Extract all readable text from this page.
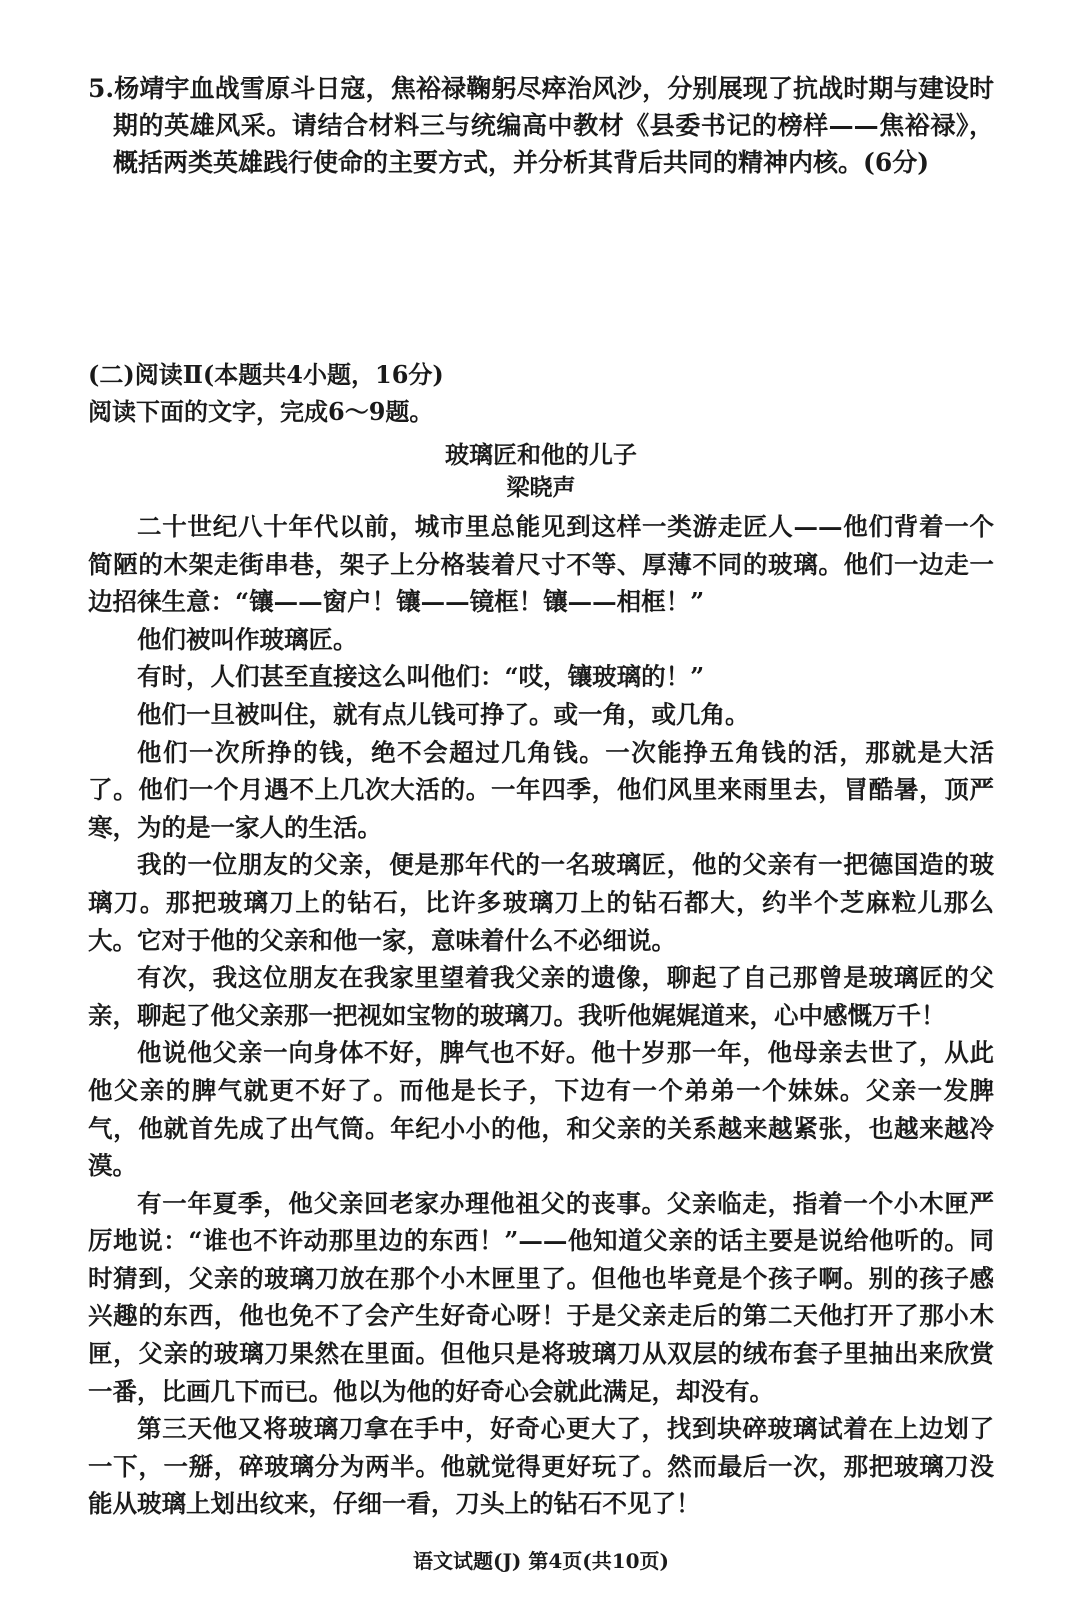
5.杨靖宇血战雪原斗日寇，焦裕禄鞠躬尽瘁治风沙，分别展现了抗战时期与建设时期的英雄风采。请结合材料三与统编高中教材《县委书记的榜样——焦裕禄》，概括两类英雄践行使命的主要方式，并分析其背后共同的精神内核。(6分)

(二)阅读Ⅱ(本题共4小题，16分)
阅读下面的文字，完成6～9题。
玻璃匠和他的儿子
梁晓声

二十世纪八十年代以前，城市里总能见到这样一类游走匠人——他们背着一个简陋的木架走街串巷，架子上分格装着尺寸不等、厚薄不同的玻璃。他们一边走一边招徕生意：“镶——窗户！镶——镜框！镶——相框！”

他们被叫作玻璃匠。

有时，人们甚至直接这么叫他们：“哎，镶玻璃的！”

他们一旦被叫住，就有点儿钱可挣了。或一角，或几角。

他们一次所挣的钱，绝不会超过几角钱。一次能挣五角钱的活，那就是大活了。他们一个月遇不上几次大活的。一年四季，他们风里来雨里去，冒酷暑，顶严寒，为的是一家人的生活。

我的一位朋友的父亲，便是那年代的一名玻璃匠，他的父亲有一把德国造的玻璃刀。那把玻璃刀上的钻石，比许多玻璃刀上的钻石都大，约半个芝麻粒儿那么大。它对于他的父亲和他一家，意味着什么不必细说。

有次，我这位朋友在我家里望着我父亲的遗像，聊起了自己那曾是玻璃匠的父亲，聊起了他父亲那一把视如宝物的玻璃刀。我听他娓娓道来，心中感慨万千！

他说他父亲一向身体不好，脾气也不好。他十岁那一年，他母亲去世了，从此他父亲的脾气就更不好了。而他是长子，下边有一个弟弟一个妹妹。父亲一发脾气，他就首先成了出气筒。年纪小小的他，和父亲的关系越来越紧张，也越来越冷漠。

有一年夏季，他父亲回老家办理他祖父的丧事。父亲临走，指着一个小木匣严厉地说：“谁也不许动那里边的东西！”——他知道父亲的话主要是说给他听的。同时猜到，父亲的玻璃刀放在那个小木匣里了。但他也毕竟是个孩子啊。别的孩子感兴趣的东西，他也免不了会产生好奇心呀！于是父亲走后的第二天他打开了那小木匣，父亲的玻璃刀果然在里面。但他只是将玻璃刀从双层的绒布套子里抽出来欣赏一番，比画几下而已。他以为他的好奇心会就此满足，却没有。

第三天他又将玻璃刀拿在手中，好奇心更大了，找到块碎玻璃试着在上边划了一下，一掰，碎玻璃分为两半。他就觉得更好玩了。然而最后一次，那把玻璃刀没能从玻璃上划出纹来，仔细一看，刀头上的钻石不见了！

语文试题(J) 第4页(共10页)
